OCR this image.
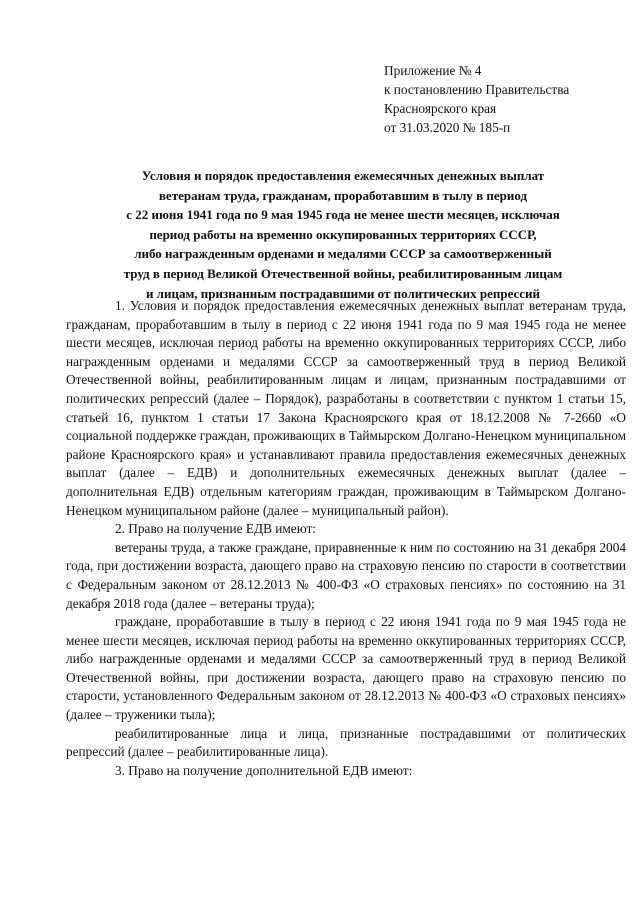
Приложение № 4
к постановлению Правительства
Красноярского края
от 31.03.2020 № 185-п
Условия и порядок предоставления ежемесячных денежных выплат
ветеранам труда, гражданам, проработавшим в тылу в период
с 22 июня 1941 года по 9 мая 1945 года не менее шести месяцев, исключая
период работы на временно оккупированных территориях СССР,
либо награжденным орденами и медалями СССР за самоотверженный
труд в период Великой Отечественной войны, реабилитированным лицам
и лицам, признанным пострадавшими от политических репрессий

1. Условия и порядок предоставления ежемесячных денежных выплат ветеранам труда, гражданам, проработавшим в тылу в период с 22 июня 1941 года по 9 мая 1945 года не менее шести месяцев, исключая период работы на временно оккупированных территориях СССР, либо награжденным орденами и медалями СССР за самоотверженный труд в период Великой Отечественной войны, реабилитированным лицам и лицам, признанным пострадавшими от политических репрессий (далее – Порядок), разработаны в соответствии с пунктом 1 статьи 15, статьей 16, пунктом 1 статьи 17 Закона Красноярского края от 18.12.2008 № 7-2660 «О социальной поддержке граждан, проживающих в Таймырском Долгано-Ненецком муниципальном районе Красноярского края» и устанавливают правила предоставления ежемесячных денежных выплат (далее – ЕДВ) и дополнительных ежемесячных денежных выплат (далее – дополнительная ЕДВ) отдельным категориям граждан, проживающим в Таймырском Долгано-Ненецком муниципальном районе (далее – муниципальный район).

2. Право на получение ЕДВ имеют:

ветераны труда, а также граждане, приравненные к ним по состоянию на 31 декабря 2004 года, при достижении возраста, дающего право на страховую пенсию по старости в соответствии с Федеральным законом от 28.12.2013 № 400-ФЗ «О страховых пенсиях» по состоянию на 31 декабря 2018 года (далее – ветераны труда);

граждане, проработавшие в тылу в период с 22 июня 1941 года по 9 мая 1945 года не менее шести месяцев, исключая период работы на временно оккупированных территориях СССР, либо награжденные орденами и медалями СССР за самоотверженный труд в период Великой Отечественной войны, при достижении возраста, дающего право на страховую пенсию по старости, установленного Федеральным законом от 28.12.2013 № 400-ФЗ «О страховых пенсиях» (далее – труженики тыла);

реабилитированные лица и лица, признанные пострадавшими от политических репрессий (далее – реабилитированные лица).

3. Право на получение дополнительной ЕДВ имеют:
